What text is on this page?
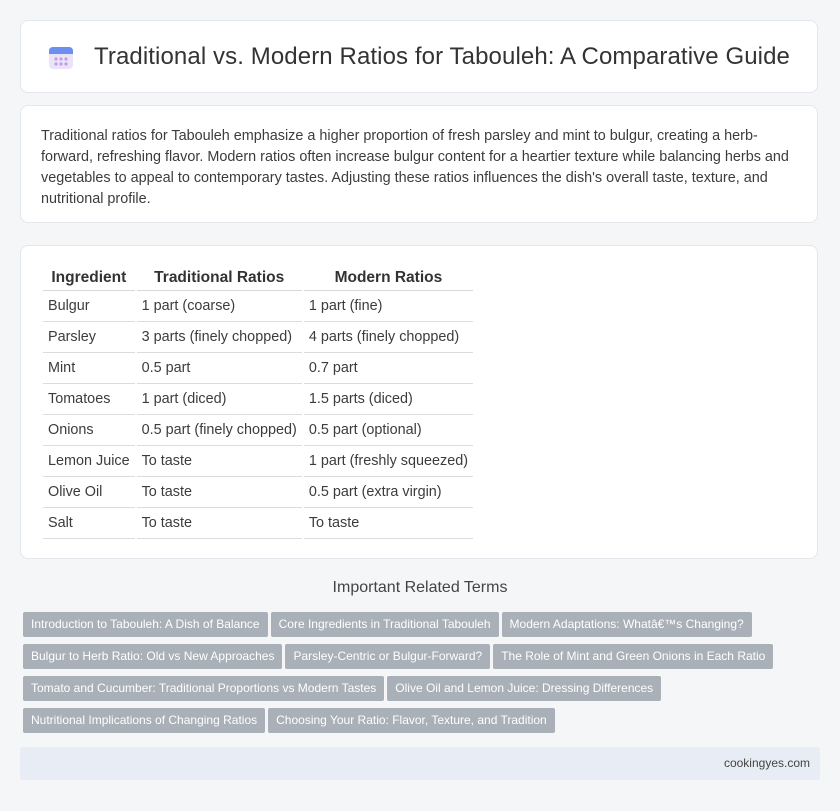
Traditional vs. Modern Ratios for Tabouleh: A Comparative Guide

Traditional ratios for Tabouleh emphasize a higher proportion of fresh parsley and mint to bulgur, creating a herb-forward, refreshing flavor. Modern ratios often increase bulgur content for a heartier texture while balancing herbs and vegetables to appeal to contemporary tastes. Adjusting these ratios influences the dish's overall taste, texture, and nutritional profile.

Ingredient	Traditional Ratios	Modern Ratios
Bulgur	1 part (coarse)	1 part (fine)
Parsley	3 parts (finely chopped)	4 parts (finely chopped)
Mint	0.5 part	0.7 part
Tomatoes	1 part (diced)	1.5 parts (diced)
Onions	0.5 part (finely chopped)	0.5 part (optional)
Lemon Juice	To taste	1 part (freshly squeezed)
Olive Oil	To taste	0.5 part (extra virgin)
Salt	To taste	To taste
Important Related Terms
Introduction to Tabouleh: A Dish of Balance Core Ingredients in Traditional Tabouleh Modern Adaptations: Whatâ€™s Changing?Bulgur to Herb Ratio: Old vs New Approaches Parsley-Centric or Bulgur-Forward? The Role of Mint and Green Onions in Each RatioTomato and Cucumber: Traditional Proportions vs Modern Tastes Olive Oil and Lemon Juice: Dressing DifferencesNutritional Implications of Changing Ratios Choosing Your Ratio: Flavor, Texture, and Tradition
cookingyes.com
